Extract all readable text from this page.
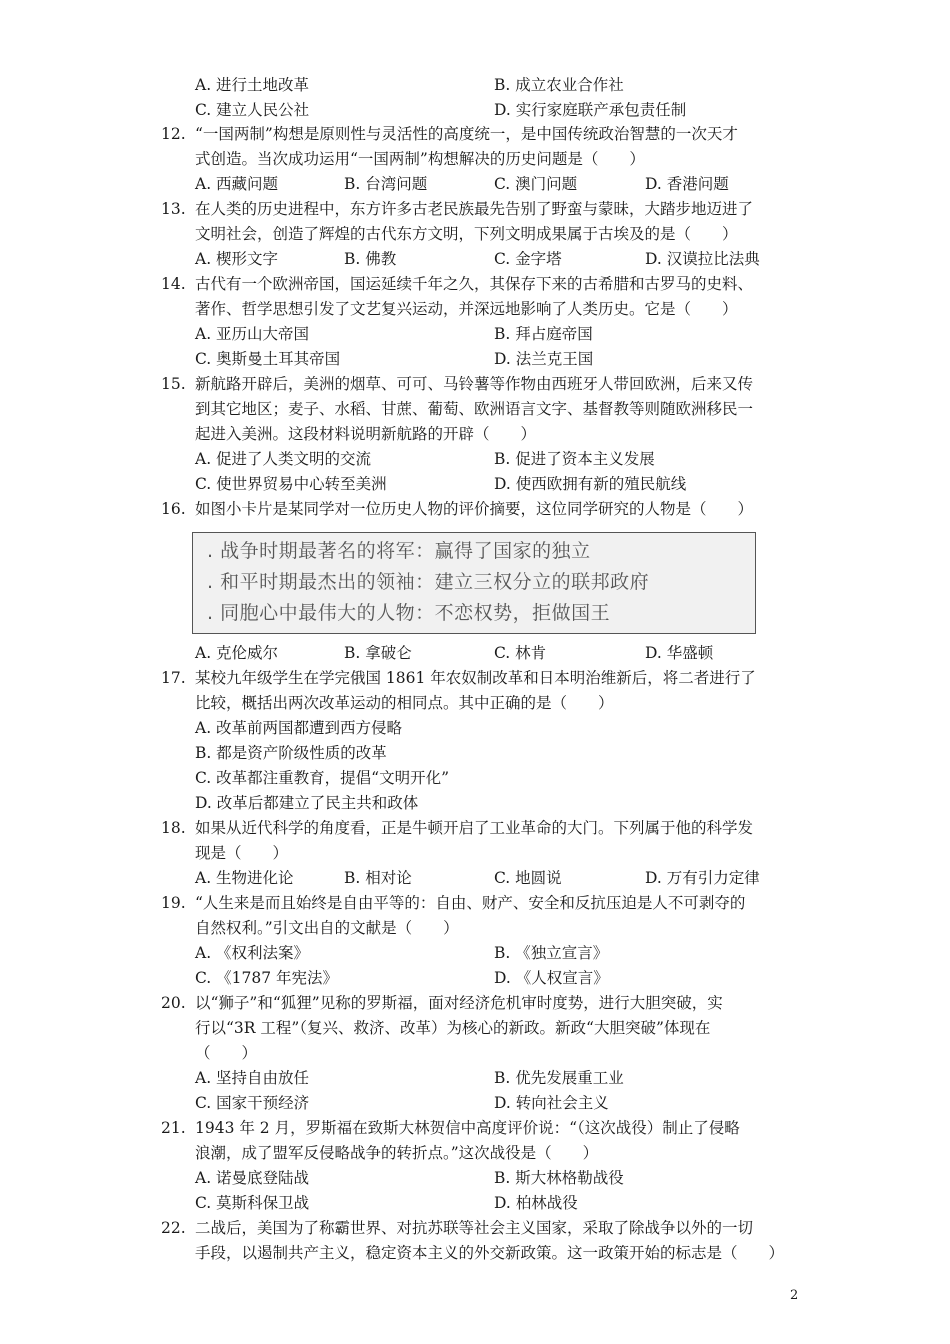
A. 进行土地改革	B. 成立农业合作社
C. 建立人民公社	D. 实行家庭联产承包责任制
12. “一国两制”构想是原则性与灵活性的高度统一，是中国传统政治智慧的一次天才
式创造。当次成功运用“一国两制”构想解决的历史问题是（　　）
A. 西藏问题	B. 台湾问题	C. 澳门问题	D. 香港问题
13. 在人类的历史进程中，东方许多古老民族最先告别了野蛮与蒙昧，大踏步地迈进了
文明社会，创造了辉煌的古代东方文明，下列文明成果属于古埃及的是（　　）
A. 楔形文字	B. 佛教	C. 金字塔	D. 汉谟拉比法典
14. 古代有一个欧洲帝国，国运延续千年之久，其保存下来的古希腊和古罗马的史料、
著作、哲学思想引发了文艺复兴运动，并深远地影响了人类历史。它是（　　）
A. 亚历山大帝国	B. 拜占庭帝国
C. 奥斯曼土耳其帝国	D. 法兰克王国
15. 新航路开辟后，美洲的烟草、可可、马铃薯等作物由西班牙人带回欧洲，后来又传
到其它地区；麦子、水稻、甘蔗、葡萄、欧洲语言文字、基督教等则随欧洲移民一
起进入美洲。这段材料说明新航路的开辟（　　）
A. 促进了人类文明的交流	B. 促进了资本主义发展
C. 使世界贸易中心转至美洲	D. 使西欧拥有新的殖民航线
16. 如图小卡片是某同学对一位历史人物的评价摘要，这位同学研究的人物是（　　）
. 战争时期最著名的将军：赢得了国家的独立
. 和平时期最杰出的领袖：建立三权分立的联邦政府
. 同胞心中最伟大的人物：不恋权势，拒做国王
A. 克伦威尔	B. 拿破仑	C. 林肯	D. 华盛顿
17. 某校九年级学生在学完俄国 1861 年农奴制改革和日本明治维新后，将二者进行了
比较，概括出两次改革运动的相同点。其中正确的是（　　）
A. 改革前两国都遭到西方侵略
B. 都是资产阶级性质的改革
C. 改革都注重教育，提倡“文明开化”
D. 改革后都建立了民主共和政体
18. 如果从近代科学的角度看，正是牛顿开启了工业革命的大门。下列属于他的科学发
现是（　　）
A. 生物进化论	B. 相对论	C. 地圆说	D. 万有引力定律
19. “人生来是而且始终是自由平等的：自由、财产、安全和反抗压迫是人不可剥夺的
自然权利。”引文出自的文献是（　　）
A. 《权利法案》	B. 《独立宣言》
C. 《1787 年宪法》	D. 《人权宣言》
20. 以“狮子”和“狐狸”见称的罗斯福，面对经济危机审时度势，进行大胆突破，实
行以“3R 工程”（复兴、救济、改革）为核心的新政。新政“大胆突破”体现在
（　　）
A. 坚持自由放任	B. 优先发展重工业
C. 国家干预经济	D. 转向社会主义
21. 1943 年 2 月，罗斯福在致斯大林贺信中高度评价说：“（这次战役）制止了侵略
浪潮，成了盟军反侵略战争的转折点。”这次战役是（　　）
A. 诺曼底登陆战	B. 斯大林格勒战役
C. 莫斯科保卫战	D. 柏林战役
22. 二战后，美国为了称霸世界、对抗苏联等社会主义国家，采取了除战争以外的一切
手段，以遏制共产主义，稳定资本主义的外交新政策。这一政策开始的标志是（　　）
2
